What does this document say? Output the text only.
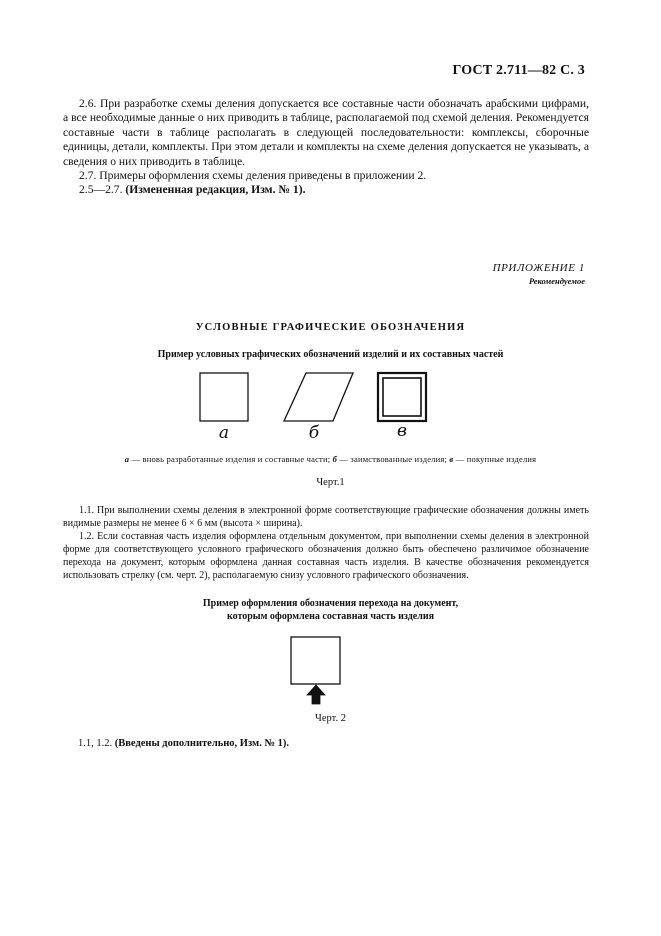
ГОСТ 2.711—82 С. 3

2.6. При разработке схемы деления допускается все составные части обозначать арабскими цифрами, а все необходимые данные о них приводить в таблице, располагаемой под схемой деления. Рекомендуется составные части в таблице располагать в следующей последовательности: комплексы, сборочные единицы, детали, комплекты. При этом детали и комплекты на схеме деления допускается не указывать, а сведения о них приводить в таблице.

2.7. Примеры оформления схемы деления приведены в приложении 2.

2.5—2.7. (Измененная редакция, Изм. № 1).

ПРИЛОЖЕНИЕ 1
Рекомендуемое
УСЛОВНЫЕ ГРАФИЧЕСКИЕ ОБОЗНАЧЕНИЯ
Пример условных графических обозначений изделий и их составных частей
а	б	в
а — вновь разработанные изделия и составные части; б — заимствованные изделия; в — покупные изделия
Черт.1

1.1. При выполнении схемы деления в электронной форме соответствующие графические обозначения должны иметь видимые размеры не менее 6 × 6 мм (высота × ширина).

1.2. Если составная часть изделия оформлена отдельным документом, при выполнении схемы деления в электронной форме для соответствующего условного графического обозначения должно быть обеспечено различимое обозначение перехода на документ, которым оформлена данная составная часть изделия. В качестве обозначения рекомендуется использовать стрелку (см. черт. 2), располагаемую снизу условного графического обозначения.

Пример оформления обозначения перехода на документ,
которым оформлена составная часть изделия
Черт. 2
1.1, 1.2. (Введены дополнительно, Изм. № 1).
